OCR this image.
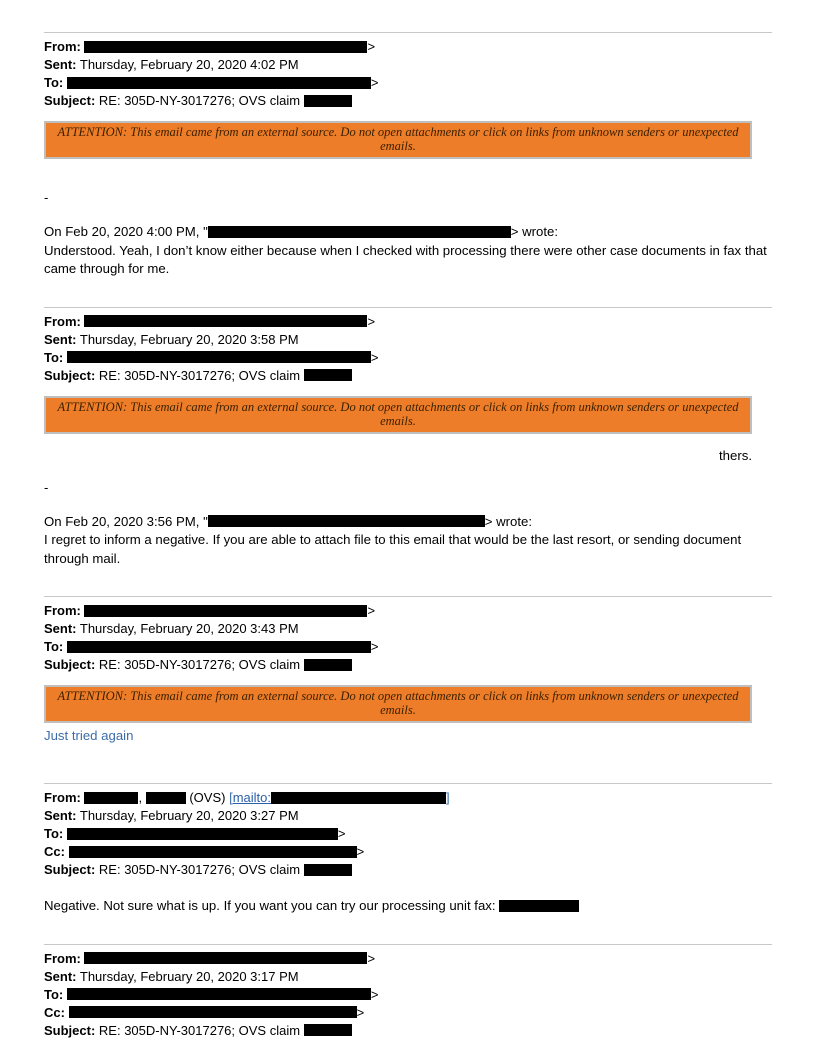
From:	>
Sent: Thursday, February 20, 2020 4:02 PM
To:	>
Subject: RE: 305D-NY-3017276; OVS claim
ATTENTION: This email came from an external source. Do not open attachments or click on links from unknown senders or unexpected emails.
-
On Feb 20, 2020 4:00 PM, "	> wrote:

Understood. Yeah, I don’t know either because when I checked with processing there were other case documents in fax that came through for me.

From:	>
Sent: Thursday, February 20, 2020 3:58 PM
To:	>
Subject: RE: 305D-NY-3017276; OVS claim
ATTENTION: This email came from an external source. Do not open attachments or click on links from unknown senders or unexpected emails.
thers.
-
On Feb 20, 2020 3:56 PM, "	> wrote:

I regret to inform a negative. If you are able to attach file to this email that would be the last resort, or sending document through mail.

From:	>
Sent: Thursday, February 20, 2020 3:43 PM
To:	>
Subject: RE: 305D-NY-3017276; OVS claim
ATTENTION: This email came from an external source. Do not open attachments or click on links from unknown senders or unexpected emails.
Just tried again
From:	,	(OVS) [mailto:	]
Sent: Thursday, February 20, 2020 3:27 PM
To:	>
Cc:	>
Subject: RE: 305D-NY-3017276; OVS claim
Negative. Not sure what is up. If you want you can try our processing unit fax:
From:	>
Sent: Thursday, February 20, 2020 3:17 PM
To:	>
Cc:	>
Subject: RE: 305D-NY-3017276; OVS claim
